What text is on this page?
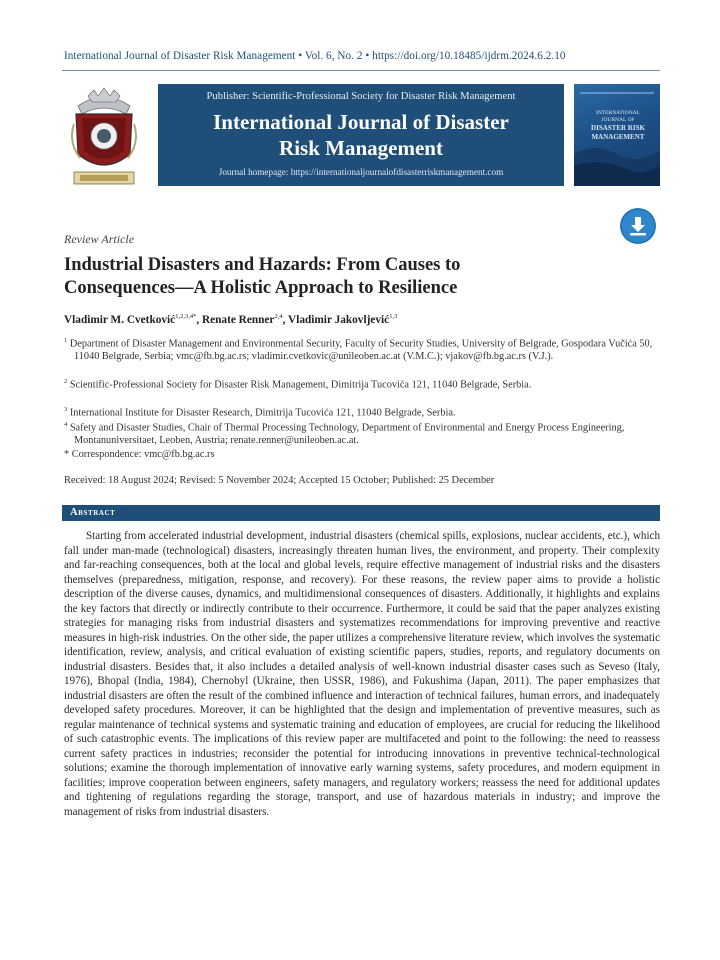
International Journal of Disaster Risk Management • Vol. 6, No. 2 • https://doi.org/10.18485/ijdrm.2024.6.2.10
Publisher: Scientific-Professional Society for Disaster Risk Management
International Journal of Disaster
Risk Management
Journal homepage: https://internationaljournalofdisasterriskmanagement.com
INTERNATIONAL JOURNAL OF
DISASTER RISK
MANAGEMENT
Review Article
Industrial Disasters and Hazards: From Causes to
Consequences—A Holistic Approach to Resilience
Vladimir M. Cvetković$^{1,2,3,4*}$, Renate Renner$^{2,4}$, Vladimir Jakovljević$^{1,3}$
$^1$ Department of Disaster Management and Environmental Security, Faculty of Security Studies, University of Belgrade, Gospodara Vučića 50, 11040 Belgrade, Serbia; vmc@fb.bg.ac.rs; vladimir.cvetkovic@unileoben.ac.at (V.M.C.); vjakov@fb.bg.ac.rs (V.J.).
$^2$ Scientific-Professional Society for Disaster Risk Management, Dimitrija Tucovića 121, 11040 Belgrade, Serbia.
$^3$ International Institute for Disaster Research, Dimitrija Tucovića 121, 11040 Belgrade, Serbia.
$^4$ Safety and Disaster Studies, Chair of Thermal Processing Technology, Department of Environmental and Energy Process Engineering, Montanuniversitaet, Leoben, Austria; renate.renner@unileoben.ac.at.
* Correspondence: vmc@fb.bg.ac.rs
Received: 18 August 2024; Revised: 5 November 2024; Accepted 15 October; Published: 25 December
Abstract

Starting from accelerated industrial development, industrial disasters (chemical spills, explosions, nuclear accidents, etc.), which fall under man-made (technological) disasters, increasingly threaten human lives, the environment, and property. Their complexity and far-reaching consequences, both at the local and global levels, require effective management of industrial risks and the disasters themselves (preparedness, mitigation, response, and recovery). For these reasons, the review paper aims to provide a holistic description of the diverse causes, dynamics, and multidimensional consequences of disasters. Additionally, it highlights and explains the key factors that directly or indirectly contribute to their occurrence. Furthermore, it could be said that the paper analyzes existing strategies for managing risks from industrial disasters and systematizes recommendations for improving preventive and reactive measures in high-risk industries. On the other side, the paper utilizes a comprehensive literature review, which involves the systematic identification, review, analysis, and critical evaluation of existing scientific papers, studies, reports, and regulatory documents on industrial disasters. Besides that, it also includes a detailed analysis of well-known industrial disaster cases such as Seveso (Italy, 1976), Bhopal (India, 1984), Chernobyl (Ukraine, then USSR, 1986), and Fukushima (Japan, 2011). The paper emphasizes that industrial disasters are often the result of the combined influence and interaction of technical failures, human errors, and inadequately developed safety procedures. Moreover, it can be highlighted that the design and implementation of preventive measures, such as regular maintenance of technical systems and systematic training and education of employees, are crucial for reducing the likelihood of such catastrophic events. The implications of this review paper are multifaceted and point to the following: the need to reassess current safety practices in industries; reconsider the potential for introducing innovations in preventive technical-technological solutions; examine the thorough implementation of innovative early warning systems, safety procedures, and modern equipment in facilities; improve cooperation between engineers, safety managers, and regulatory workers; reassess the need for additional updates and tightening of regulations regarding the storage, transport, and use of hazardous materials in industry; and improve the management of risks from industrial disasters.
